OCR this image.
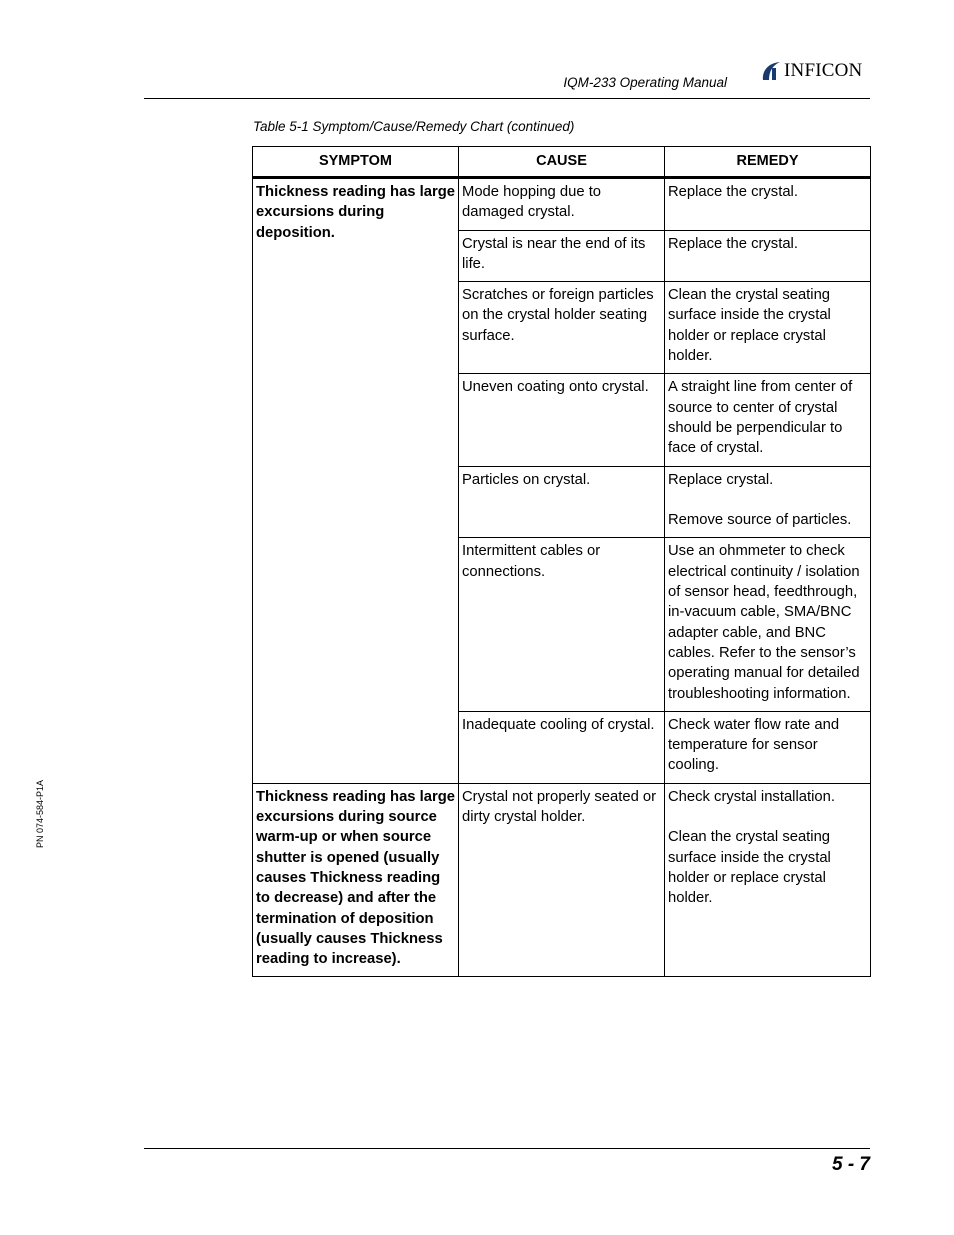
IQM-233 Operating Manual
INFICON
Table 5-1 Symptom/Cause/Remedy Chart (continued)
SYMPTOM	CAUSE	REMEDY
Thickness reading has large excursions during deposition.	Mode hopping due to damaged crystal.	Replace the crystal.

	Crystal is near the end of its life.	Replace the crystal.

	Scratches or foreign particles on the crystal holder seating surface.	Clean the crystal seating surface inside the crystal holder or replace crystal holder.

	Uneven coating onto crystal.	A straight line from center of source to center of crystal should be perpendicular to face of crystal.

	Particles on crystal.	Replace crystal.
Remove source of particles.

	Intermittent cables or connections.	Use an ohmmeter to check electrical continuity / isolation of sensor head, feedthrough, in-vacuum cable, SMA/BNC adapter cable, and BNC cables. Refer to the sensor’s operating manual for detailed troubleshooting information.

	Inadequate cooling of crystal.	Check water flow rate and temperature for sensor cooling.

Thickness reading has large excursions during source warm-up or when source shutter is opened (usually causes Thickness reading to decrease) and after the termination of deposition (usually causes Thickness reading to increase).	Crystal not properly seated or dirty crystal holder.	Check crystal installation.
Clean the crystal seating surface inside the crystal holder or replace crystal holder.
PN 074-584-P1A
5 - 7
